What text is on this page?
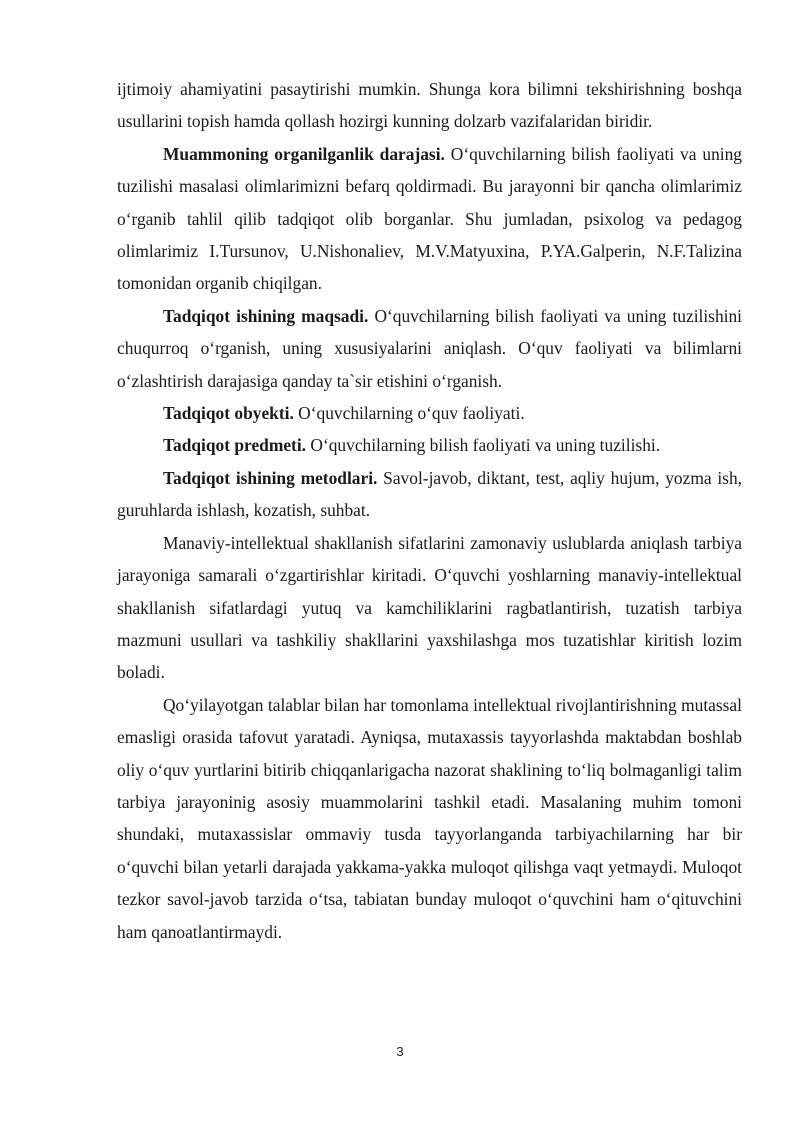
ijtimoiy ahamiyatini pasaytirishi mumkin. Shunga kora bilimni tekshirishning boshqa usullarini topish hamda qollash hozirgi kunning dolzarb vazifalaridan biridir.

Muammoning organilganlik darajasi. O‘quvchilarning bilish faoliyati va uning tuzilishi masalasi olimlarimizni befarq qoldirmadi. Bu jarayonni bir qancha olimlarimiz o‘rganib tahlil qilib tadqiqot olib borganlar. Shu jumladan, psixolog va pedagog olimlarimiz I.Tursunov, U.Nishonaliev, M.V.Matyuxina, P.YA.Galperin, N.F.Talizina tomonidan organib chiqilgan.

Tadqiqot ishining maqsadi. O‘quvchilarning bilish faoliyati va uning tuzilishini chuqurroq o‘rganish, uning xususiyalarini aniqlash. O‘quv faoliyati va bilimlarni o‘zlashtirish darajasiga qanday ta`sir etishini o‘rganish.

Tadqiqot obyekti. O‘quvchilarning o‘quv faoliyati.

Tadqiqot predmeti. O‘quvchilarning bilish faoliyati va uning tuzilishi.

Tadqiqot ishining metodlari. Savol-javob, diktant, test, aqliy hujum, yozma ish, guruhlarda ishlash, kozatish, suhbat.

Manaviy-intellektual shakllanish sifatlarini zamonaviy uslublarda aniqlash tarbiya jarayoniga samarali o‘zgartirishlar kiritadi. O‘quvchi yoshlarning manaviy-intellektual shakllanish sifatlardagi yutuq va kamchiliklarini ragbatlantirish, tuzatish tarbiya mazmuni usullari va tashkiliy shakllarini yaxshilashga mos tuzatishlar kiritish lozim boladi.

Qo‘yilayotgan talablar bilan har tomonlama intellektual rivojlantirishning mutassal emasligi orasida tafovut yaratadi. Ayniqsa, mutaxassis tayyorlashda maktabdan boshlab oliy o‘quv yurtlarini bitirib chiqqanlarigacha nazorat shaklining to‘liq bolmaganligi talim tarbiya jarayoninig asosiy muammolarini tashkil etadi. Masalaning muhim tomoni shundaki, mutaxassislar ommaviy tusda tayyorlanganda tarbiyachilarning har bir o‘quvchi bilan yetarli darajada yakkama-yakka muloqot qilishga vaqt yetmaydi. Muloqot tezkor savol-javob tarzida o‘tsa, tabiatan bunday muloqot o‘quvchini ham o‘qituvchini ham qanoatlantirmaydi.

3
